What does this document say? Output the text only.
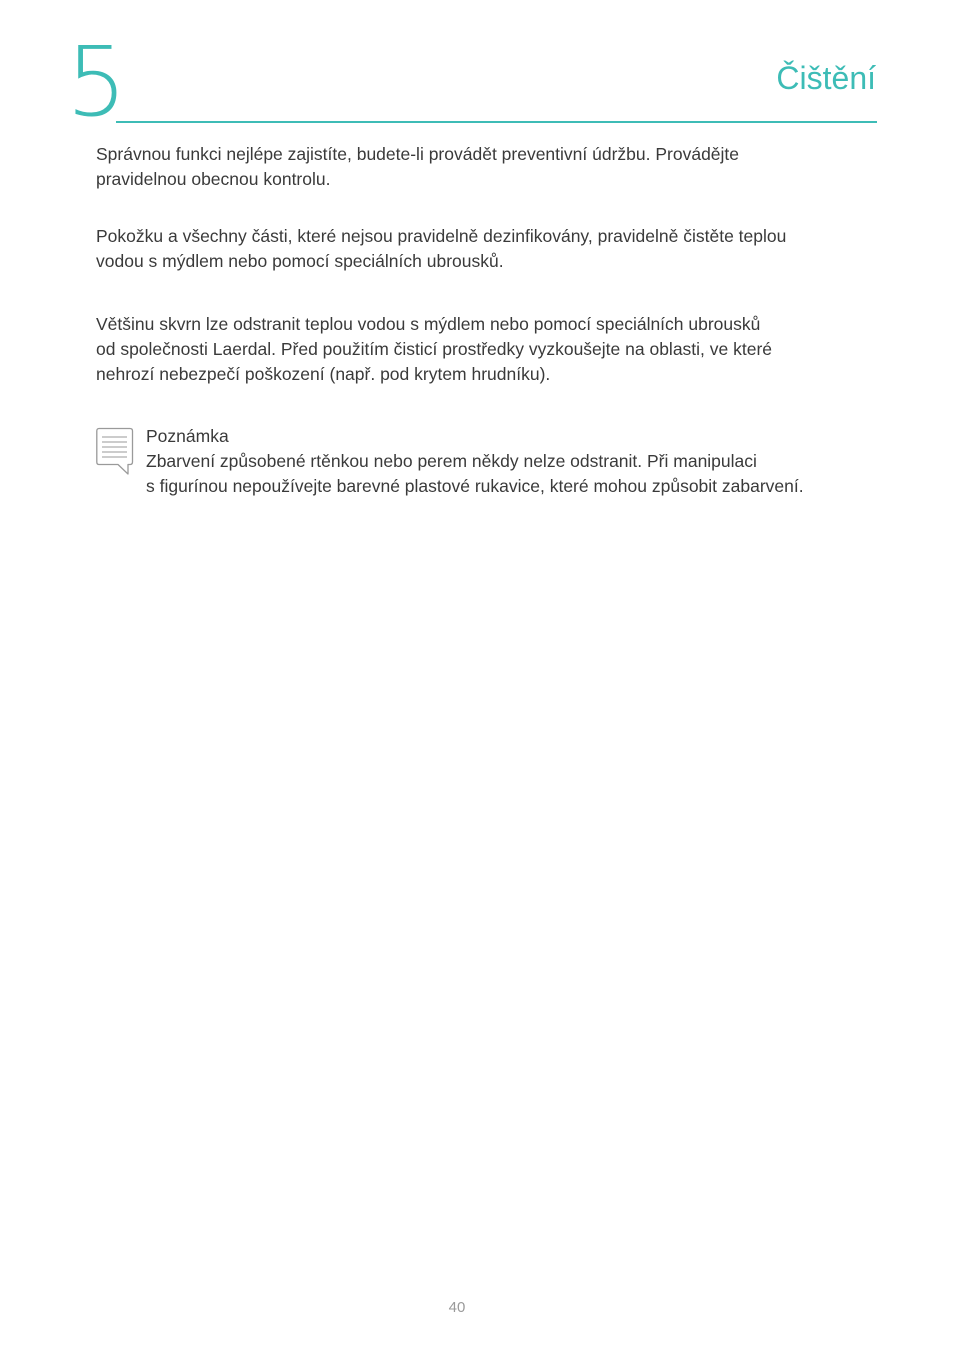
5	Čištění

Správnou funkci nejlépe zajistíte, budete-li provádět preventivní údržbu. Provádějte
pravidelnou obecnou kontrolu.

Pokožku a všechny části, které nejsou pravidelně dezinfikovány, pravidelně čistěte teplou
vodou s mýdlem nebo pomocí speciálních ubrousků.

Většinu skvrn lze odstranit teplou vodou s mýdlem nebo pomocí speciálních ubrousků
od společnosti Laerdal. Před použitím čisticí prostředky vyzkoušejte na oblasti, ve které
nehrozí nebezpečí poškození (např. pod krytem hrudníku).

Poznámka
Zbarvení způsobené rtěnkou nebo perem někdy nelze odstranit. Při manipulaci
s figurínou nepoužívejte barevné plastové rukavice, které mohou způsobit zabarvení.
40
